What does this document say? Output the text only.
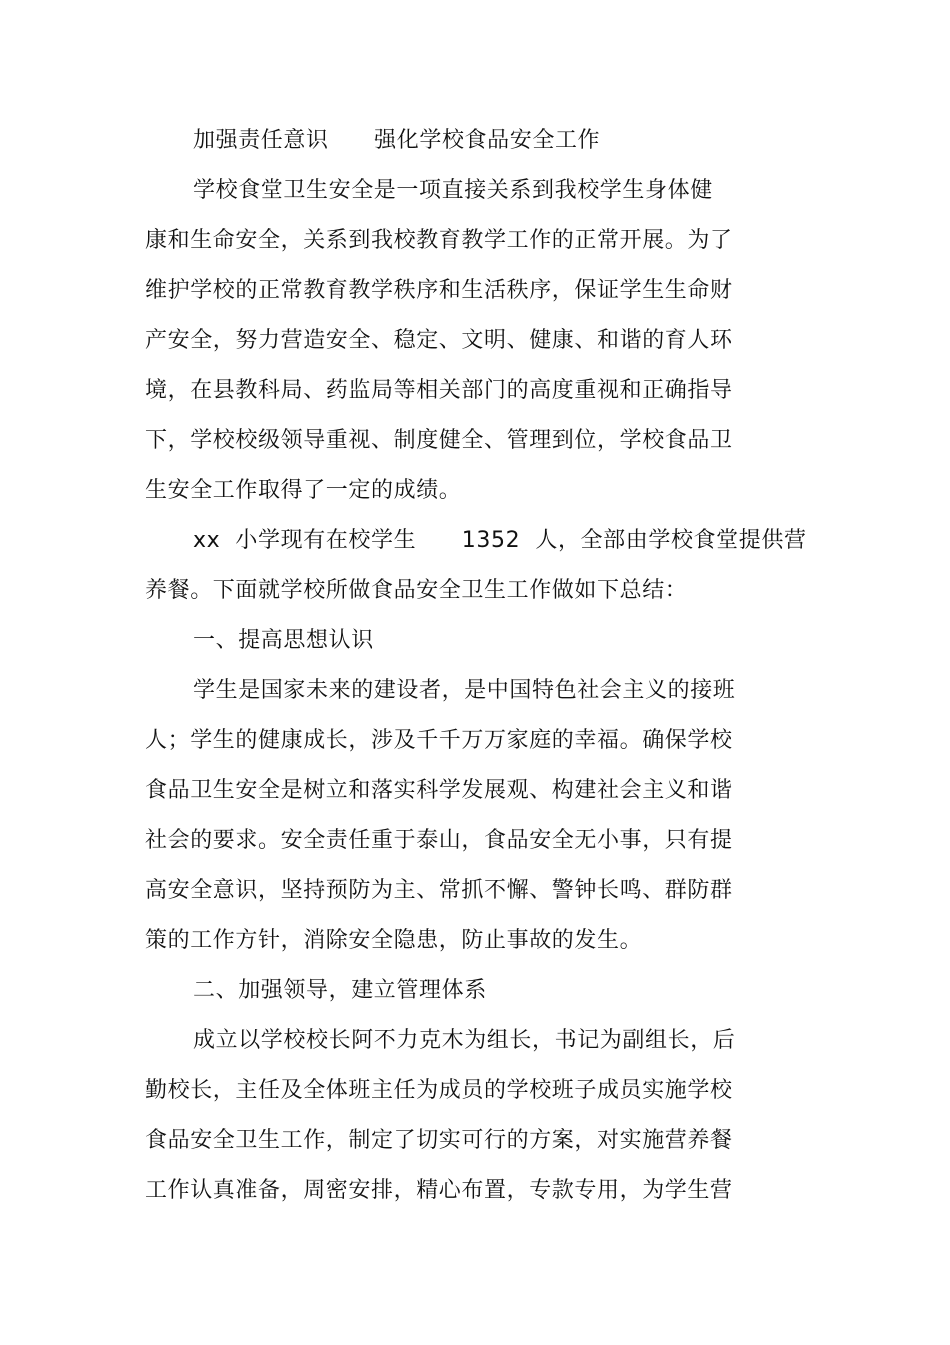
加强责任意识      强化学校食品安全工作
学校食堂卫生安全是一项直接关系到我校学生身体健
康和生命安全，关系到我校教育教学工作的正常开展。为了
维护学校的正常教育教学秩序和生活秩序，保证学生生命财
产安全，努力营造安全、稳定、文明、健康、和谐的育人环
境，在县教科局、药监局等相关部门的高度重视和正确指导
下，学校校级领导重视、制度健全、管理到位，学校食品卫
生安全工作取得了一定的成绩。
xx  小学现有在校学生      1352  人，全部由学校食堂提供营
养餐。下面就学校所做食品安全卫生工作做如下总结：
一、提高思想认识
学生是国家未来的建设者，是中国特色社会主义的接班
人；学生的健康成长，涉及千千万万家庭的幸福。确保学校
食品卫生安全是树立和落实科学发展观、构建社会主义和谐
社会的要求。安全责任重于泰山，食品安全无小事，只有提
高安全意识，坚持预防为主、常抓不懈、警钟长鸣、群防群
策的工作方针，消除安全隐患，防止事故的发生。
二、加强领导，建立管理体系
成立以学校校长阿不力克木为组长，书记为副组长，后
勤校长，主任及全体班主任为成员的学校班子成员实施学校
食品安全卫生工作，制定了切实可行的方案，对实施营养餐
工作认真准备，周密安排，精心布置，专款专用，为学生营
